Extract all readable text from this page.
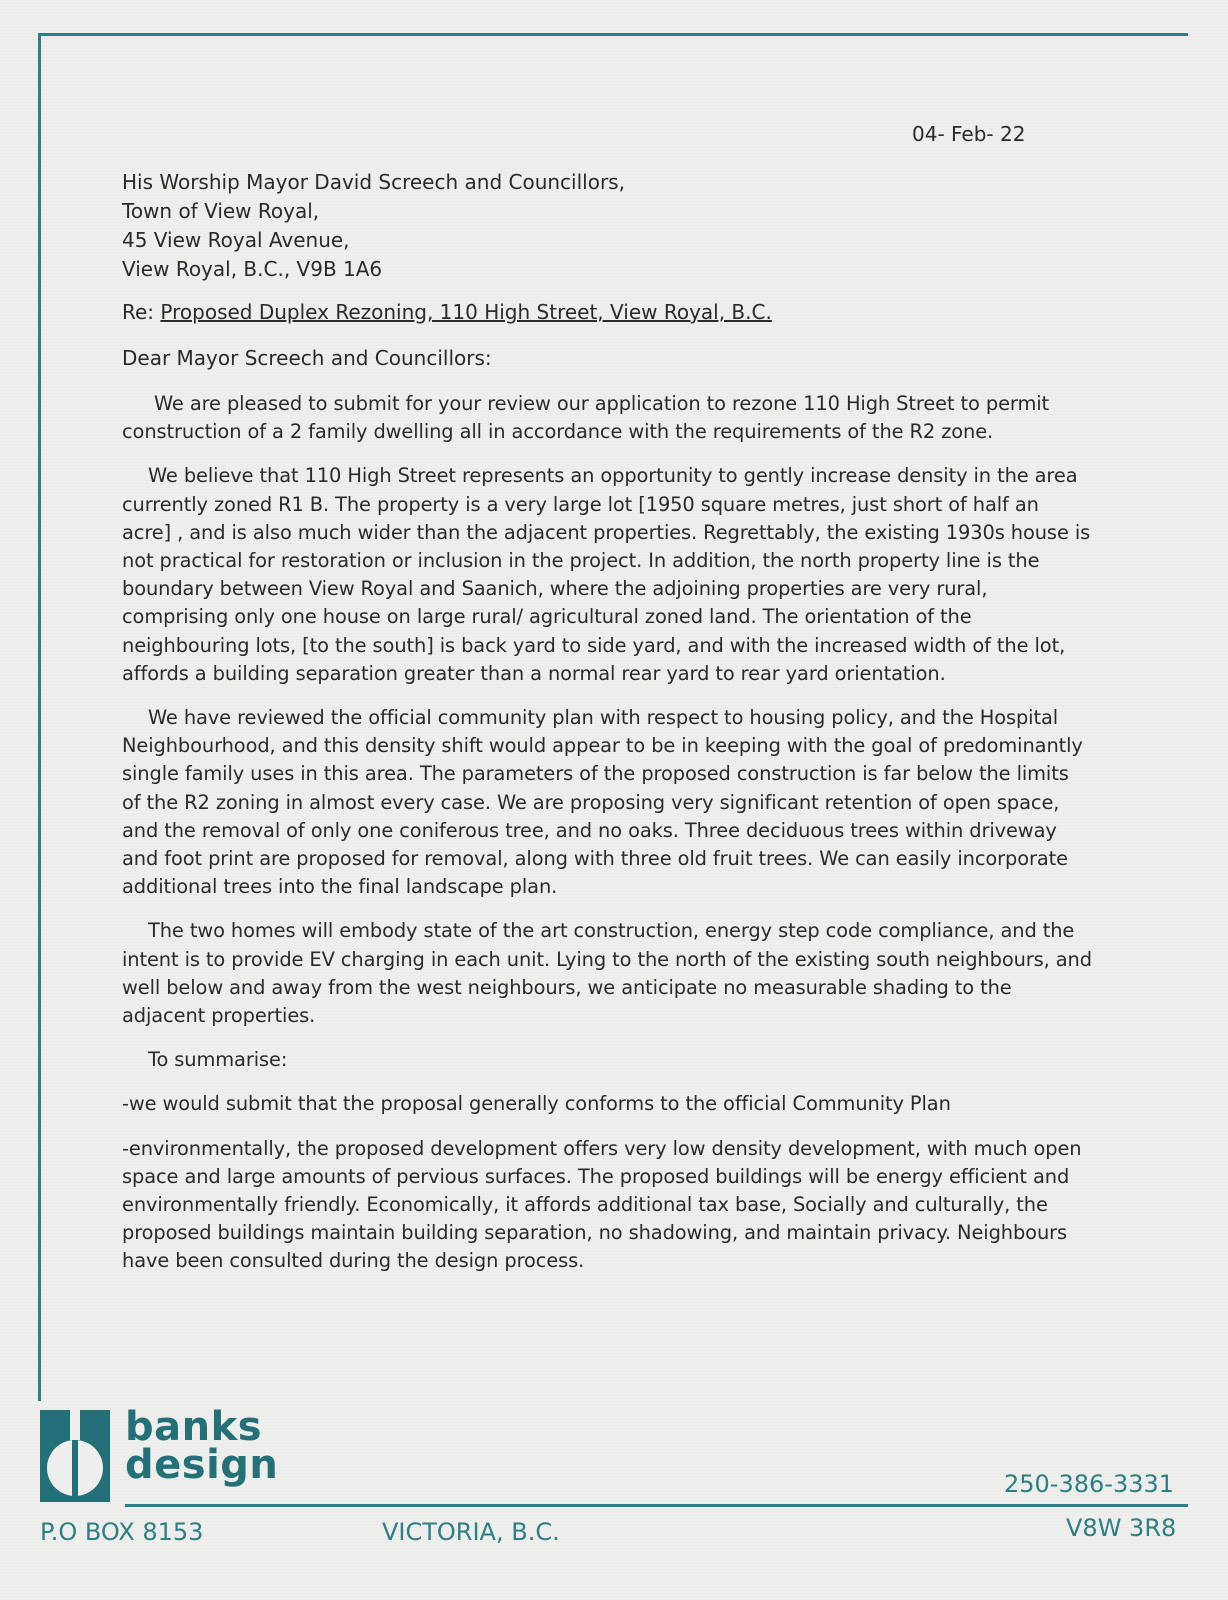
04- Feb- 22
His Worship Mayor David Screech and Councillors,
Town of View Royal,
45 View Royal Avenue,
View Royal, B.C., V9B 1A6
Re: Proposed Duplex Rezoning, 110 High Street, View Royal, B.C.
Dear Mayor Screech and Councillors:

We are pleased to submit for your review our application to rezone 110 High Street to permit construction of a 2 family dwelling all in accordance with the requirements of the R2 zone.

We believe that 110 High Street represents an opportunity to gently increase density in the area currently zoned R1 B. The property is a very large lot [1950 square metres, just short of half an acre] , and is also much wider than the adjacent properties. Regrettably, the existing 1930s house is not practical for restoration or inclusion in the project. In addition, the north property line is the boundary between View Royal and Saanich, where the adjoining properties are very rural, comprising only one house on large rural/ agricultural zoned land. The orientation of the neighbouring lots, [to the south] is back yard to side yard, and with the increased width of the lot, affords a building separation greater than a normal rear yard to rear yard orientation.

We have reviewed the official community plan with respect to housing policy, and the Hospital Neighbourhood, and this density shift would appear to be in keeping with the goal of predominantly single family uses in this area. The parameters of the proposed construction is far below the limits of the R2 zoning in almost every case. We are proposing very significant retention of open space, and the removal of only one coniferous tree, and no oaks. Three deciduous trees within driveway and foot print are proposed for removal, along with three old fruit trees. We can easily incorporate additional trees into the final landscape plan.

The two homes will embody state of the art construction, energy step code compliance, and the intent is to provide EV charging in each unit. Lying to the north of the existing south neighbours, and well below and away from the west neighbours, we anticipate no measurable shading to the adjacent properties.

To summarise:

-we would submit that the proposal generally conforms to the official Community Plan

-environmentally, the proposed development offers very low density development, with much open space and large amounts of pervious surfaces. The proposed buildings will be energy efficient and environmentally friendly. Economically, it affords additional tax base, Socially and culturally, the proposed buildings maintain building separation, no shadowing, and maintain privacy. Neighbours have been consulted during the design process.

banks
design	250-386-3331
P.O BOX 8153	VICTORIA, B.C.	V8W 3R8
